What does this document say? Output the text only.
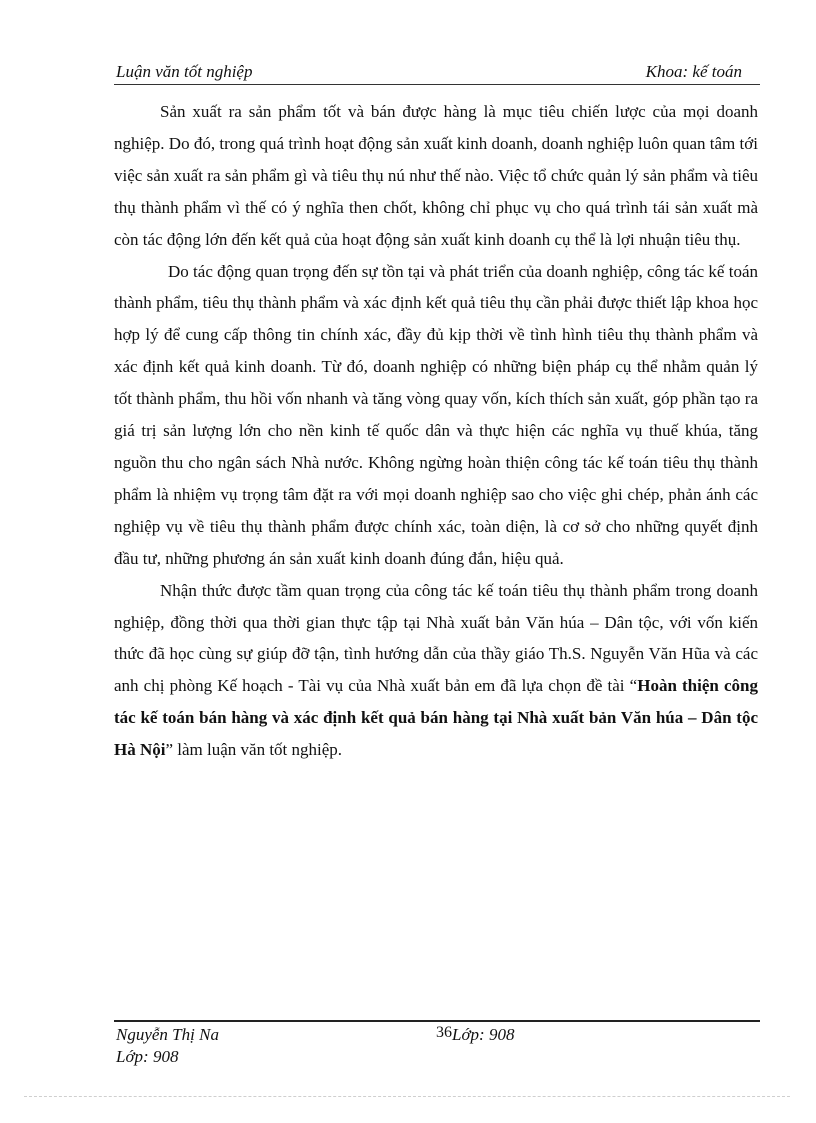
Luận văn tốt nghiệp	Khoa: kế toán

Sản xuất ra sản phẩm tốt và bán được hàng là mục tiêu chiến lược của mọi doanh nghiệp. Do đó, trong quá trình hoạt động sản xuất kinh doanh, doanh nghiệp luôn quan tâm tới việc sản xuất ra sản phẩm gì và tiêu thụ nú như thế nào. Việc tổ chức quản lý sản phẩm và tiêu thụ thành phẩm vì thế có ý nghĩa then chốt, không chỉ phục vụ cho quá trình tái sản xuất mà còn tác động lớn đến kết quả của hoạt động sản xuất kinh doanh cụ thể là lợi nhuận tiêu thụ.

Do tác động quan trọng đến sự tồn tại và phát triển của doanh nghiệp, công tác kế toán thành phẩm, tiêu thụ thành phẩm và xác định kết quả tiêu thụ cần phải được thiết lập khoa học hợp lý để cung cấp thông tin chính xác, đầy đủ kịp thời về tình hình tiêu thụ thành phẩm và xác định kết quả kinh doanh. Từ đó, doanh nghiệp có những biện pháp cụ thể nhằm quản lý tốt thành phẩm, thu hồi vốn nhanh và tăng vòng quay vốn, kích thích sản xuất, góp phần tạo ra giá trị sản lượng lớn cho nền kinh tế quốc dân và thực hiện các nghĩa vụ thuế khúa, tăng nguồn thu cho ngân sách Nhà nước. Không ngừng hoàn thiện công tác kế toán tiêu thụ thành phẩm là nhiệm vụ trọng tâm đặt ra với mọi doanh nghiệp sao cho việc ghi chép, phản ánh các nghiệp vụ về tiêu thụ thành phẩm được chính xác, toàn diện, là cơ sở cho những quyết định đầu tư, những phương án sản xuất kinh doanh đúng đắn, hiệu quả.

Nhận thức được tầm quan trọng của công tác kế toán tiêu thụ thành phẩm trong doanh nghiệp, đồng thời qua thời gian thực tập tại Nhà xuất bản Văn húa – Dân tộc, với vốn kiến thức đã học cùng sự giúp đỡ tận, tình hướng dẫn của thầy giáo Th.S. Nguyễn Văn Hũa và các anh chị phòng Kế hoạch - Tài vụ của Nhà xuất bản em đã lựa chọn đề tài “Hoàn thiện công tác kế toán bán hàng và xác định kết quả bán hàng tại Nhà xuất bản Văn húa – Dân tộc Hà Nội” làm luận văn tốt nghiệp.

Nguyễn Thị Na	36 Lớp: 908
Lớp: 908
